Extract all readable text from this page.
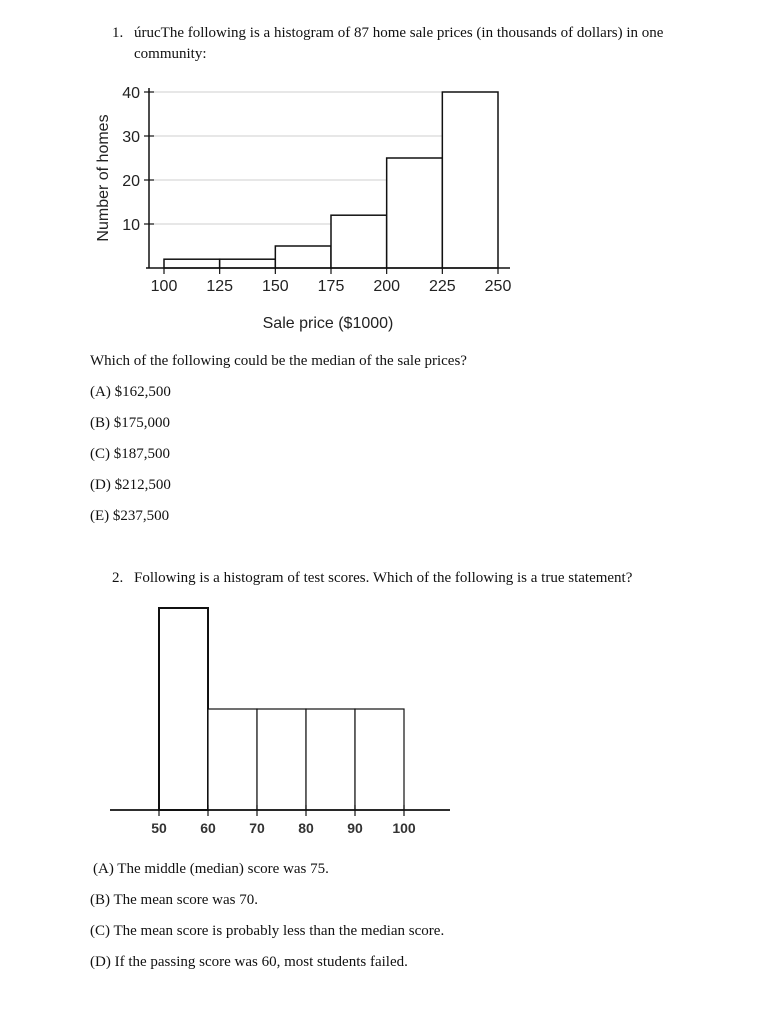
1. úrucThe following is a histogram of 87 home sale prices (in thousands of dollars) in one

community:

10
20
30
40
100 125 150 175 200 225 250
Sale price ($1000)
Number of homes

Which of the following could be the median of the sale prices?

(A) $162,500

(B) $175,000

(C) $187,500

(D) $212,500

(E) $237,500

2. Following is a histogram of test scores. Which of the following is a true statement?

50 60 70 80 90 100

(A) The middle (median) score was 75.

(B) The mean score was 70.

(C) The mean score is probably less than the median score.

(D) If the passing score was 60, most students failed.
